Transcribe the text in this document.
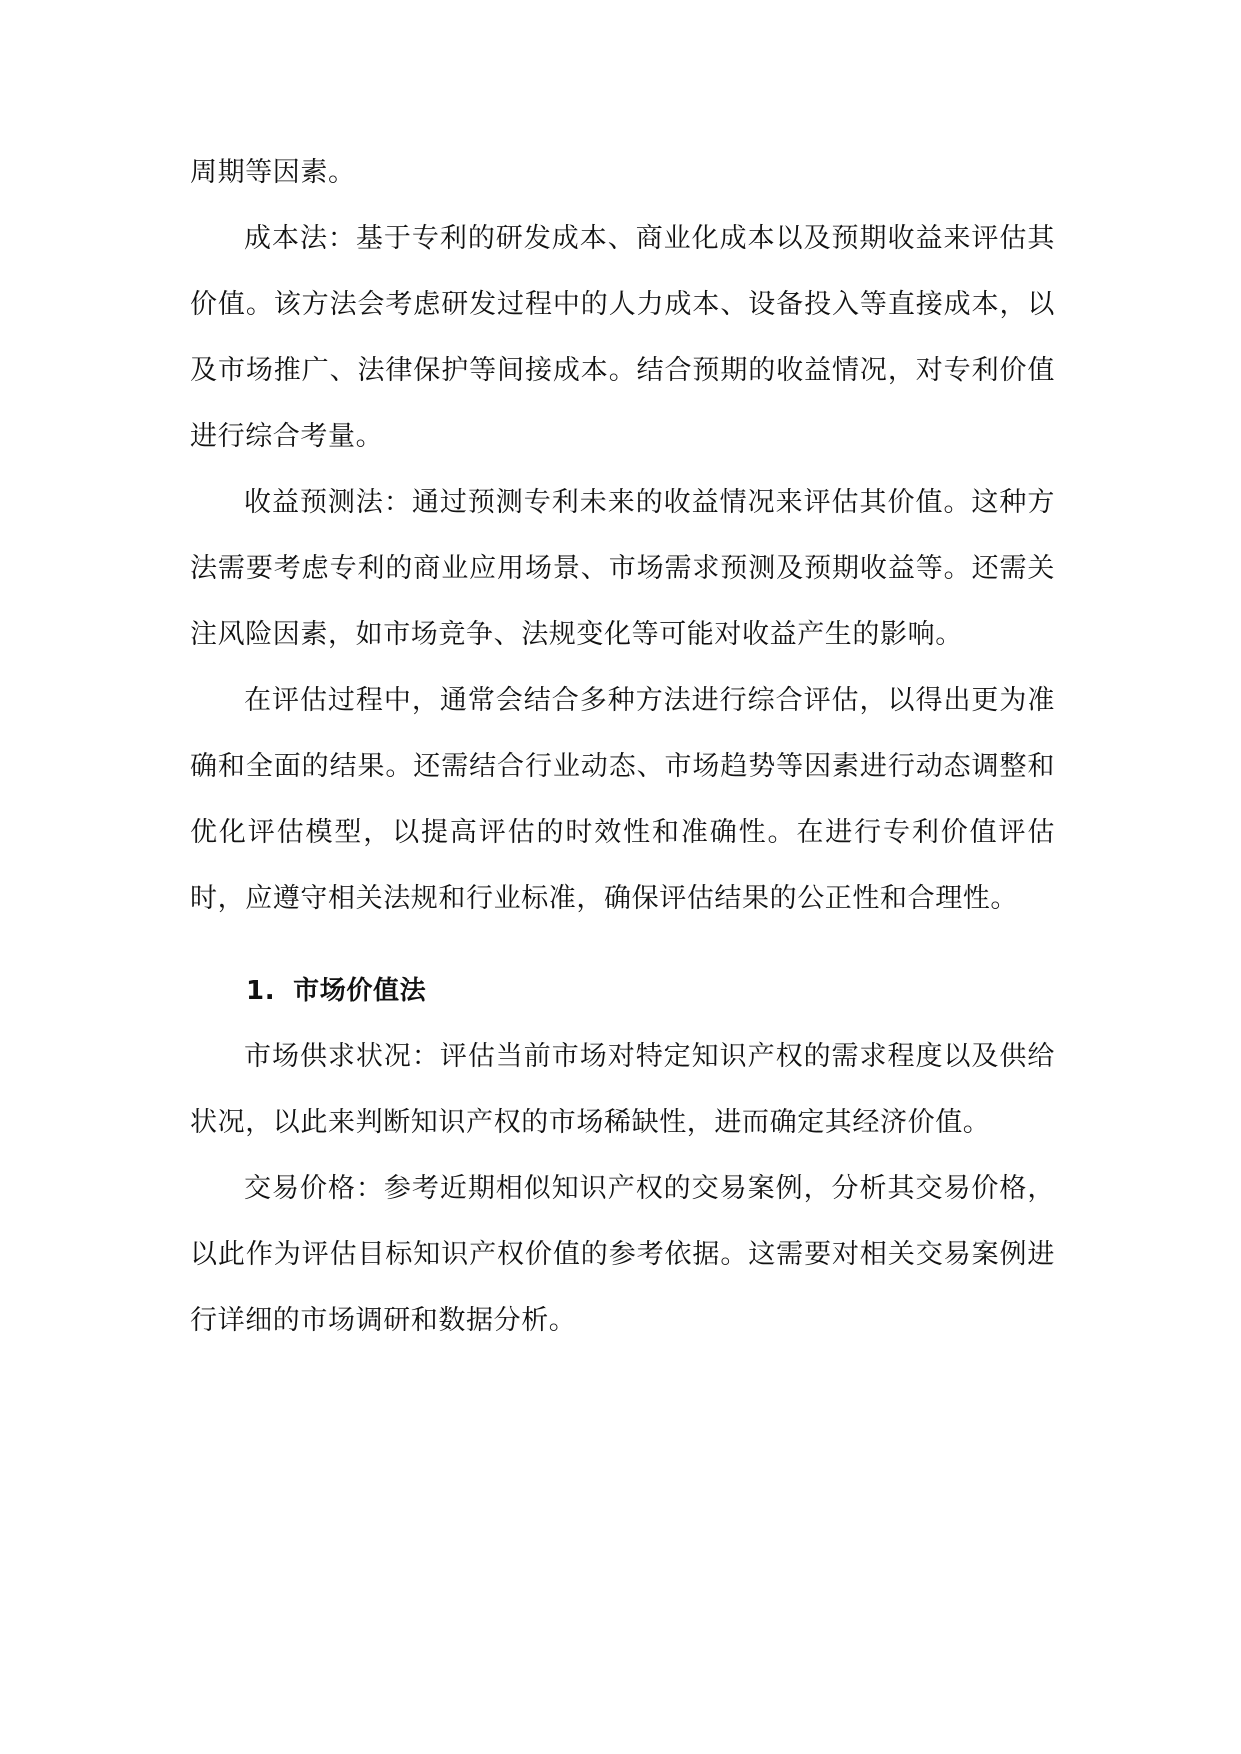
周期等因素。

成本法：基于专利的研发成本、商业化成本以及预期收益来评估其价值。该方法会考虑研发过程中的人力成本、设备投入等直接成本，以及市场推广、法律保护等间接成本。结合预期的收益情况，对专利价值进行综合考量。

收益预测法：通过预测专利未来的收益情况来评估其价值。这种方法需要考虑专利的商业应用场景、市场需求预测及预期收益等。还需关注风险因素，如市场竞争、法规变化等可能对收益产生的影响。

在评估过程中，通常会结合多种方法进行综合评估，以得出更为准确和全面的结果。还需结合行业动态、市场趋势等因素进行动态调整和优化评估模型，以提高评估的时效性和准确性。在进行专利价值评估时，应遵守相关法规和行业标准，确保评估结果的公正性和合理性。

1. 市场价值法

市场供求状况：评估当前市场对特定知识产权的需求程度以及供给状况，以此来判断知识产权的市场稀缺性，进而确定其经济价值。

交易价格：参考近期相似知识产权的交易案例，分析其交易价格，以此作为评估目标知识产权价值的参考依据。这需要对相关交易案例进行详细的市场调研和数据分析。
